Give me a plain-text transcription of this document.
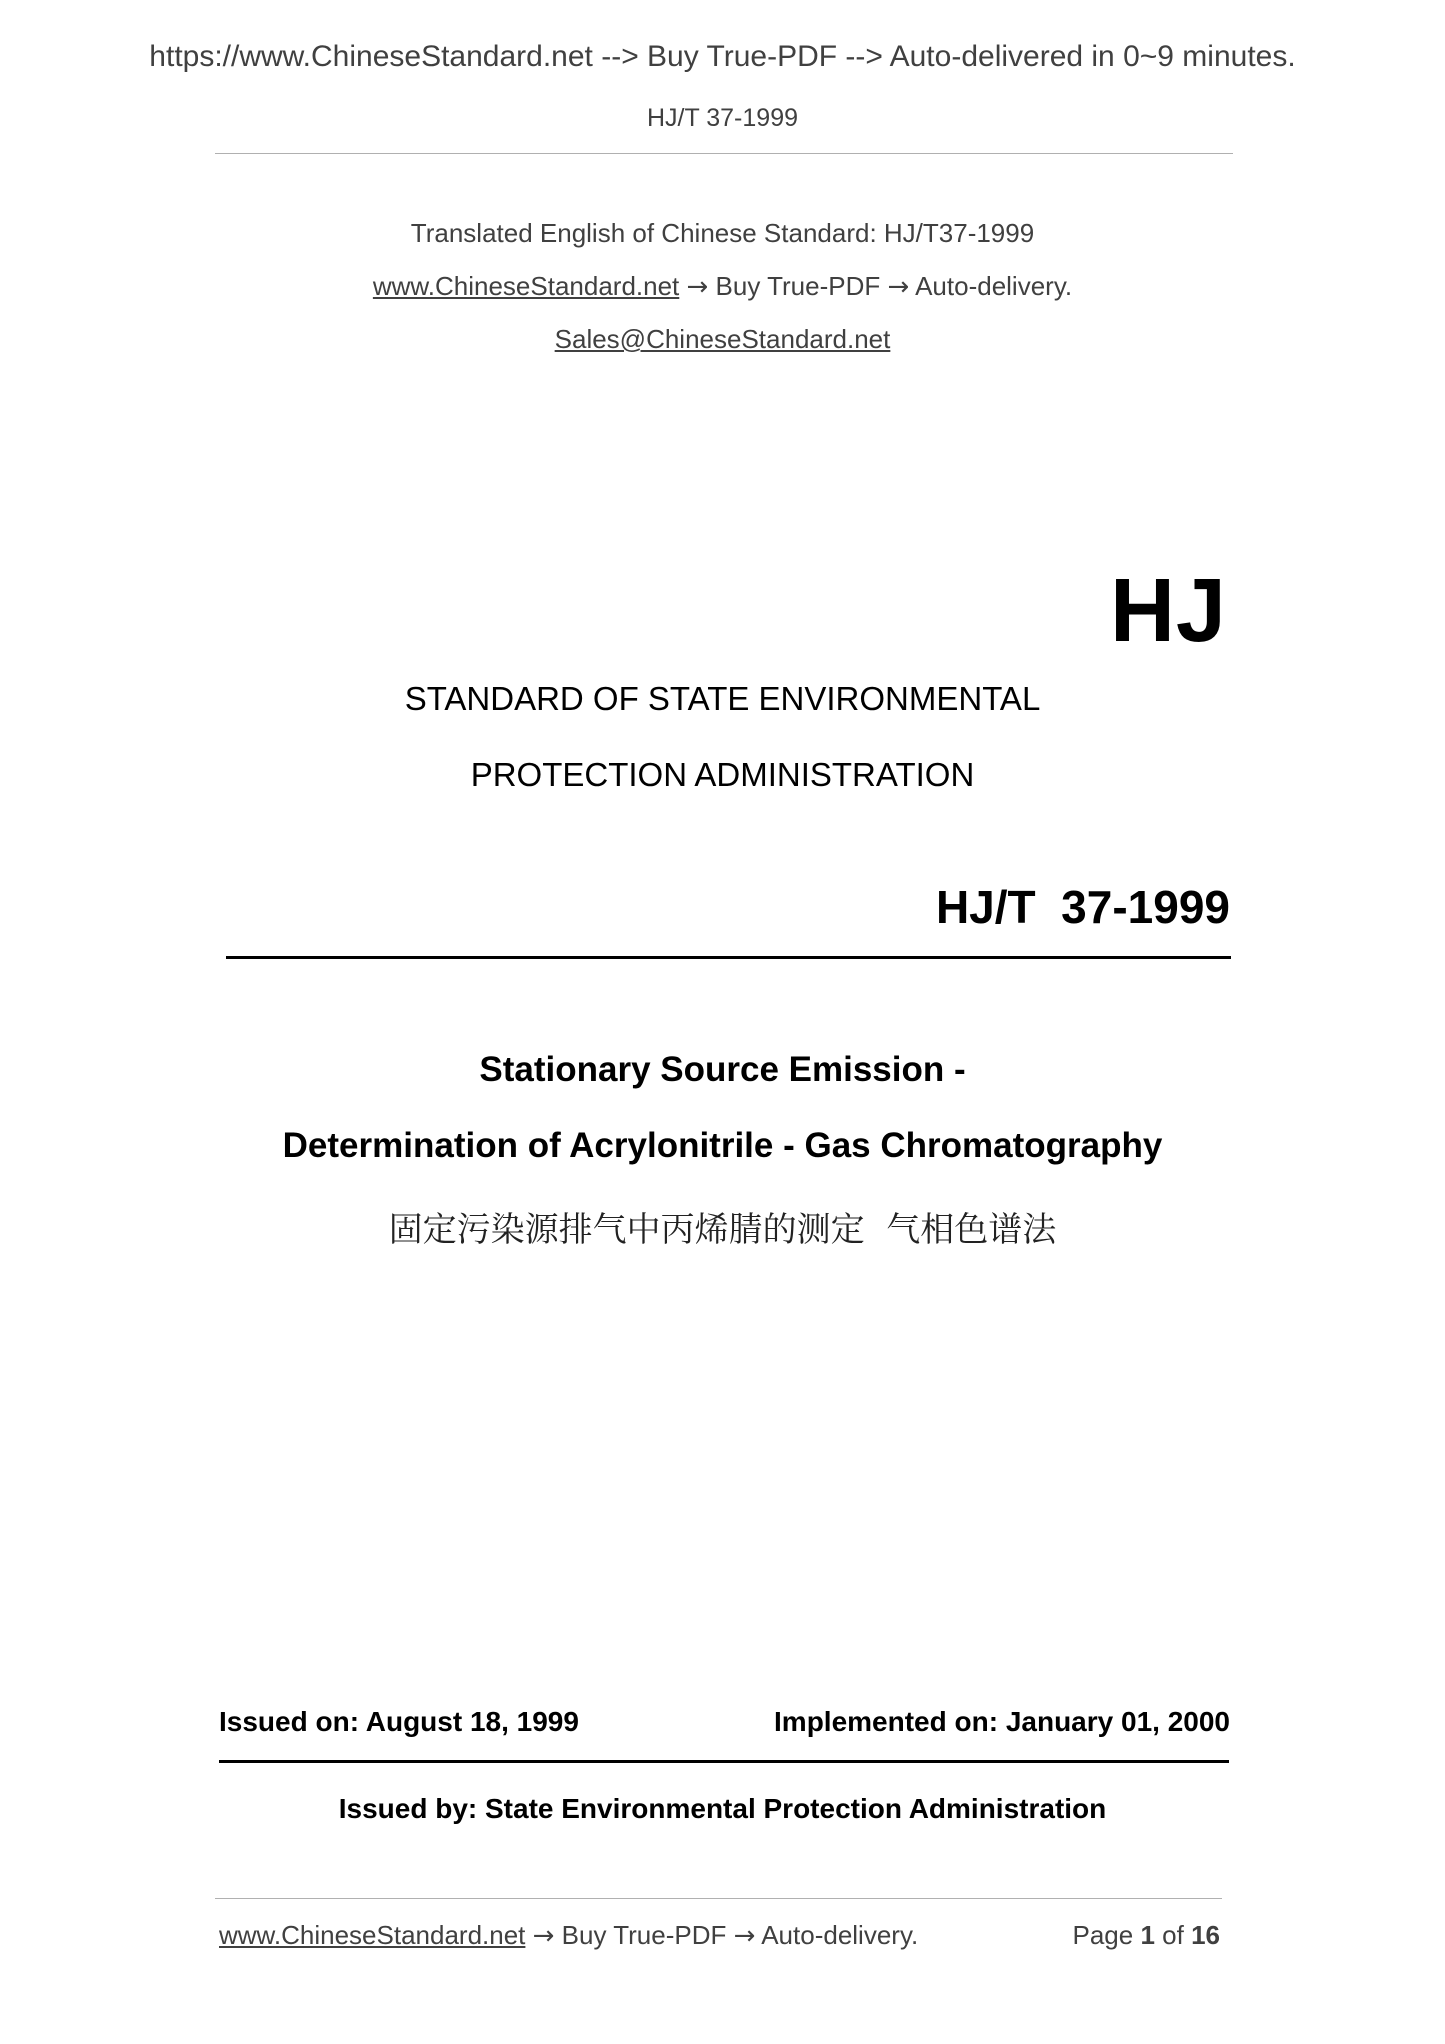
https://www.ChineseStandard.net --> Buy True-PDF --> Auto-delivered in 0~9 minutes.
HJ/T 37-1999
Translated English of Chinese Standard: HJ/T37-1999
www.ChineseStandard.net → Buy True-PDF → Auto-delivery.
Sales@ChineseStandard.net
HJ
STANDARD OF STATE ENVIRONMENTAL
PROTECTION ADMINISTRATION
HJ/T  37-1999
Stationary Source Emission -
Determination of Acrylonitrile - Gas Chromatography
固定污染源排气中丙烯腈的测定  气相色谱法
Issued on: August 18, 1999	Implemented on: January 01, 2000
Issued by: State Environmental Protection Administration
www.ChineseStandard.net → Buy True-PDF → Auto-delivery.	Page 1 of 16
